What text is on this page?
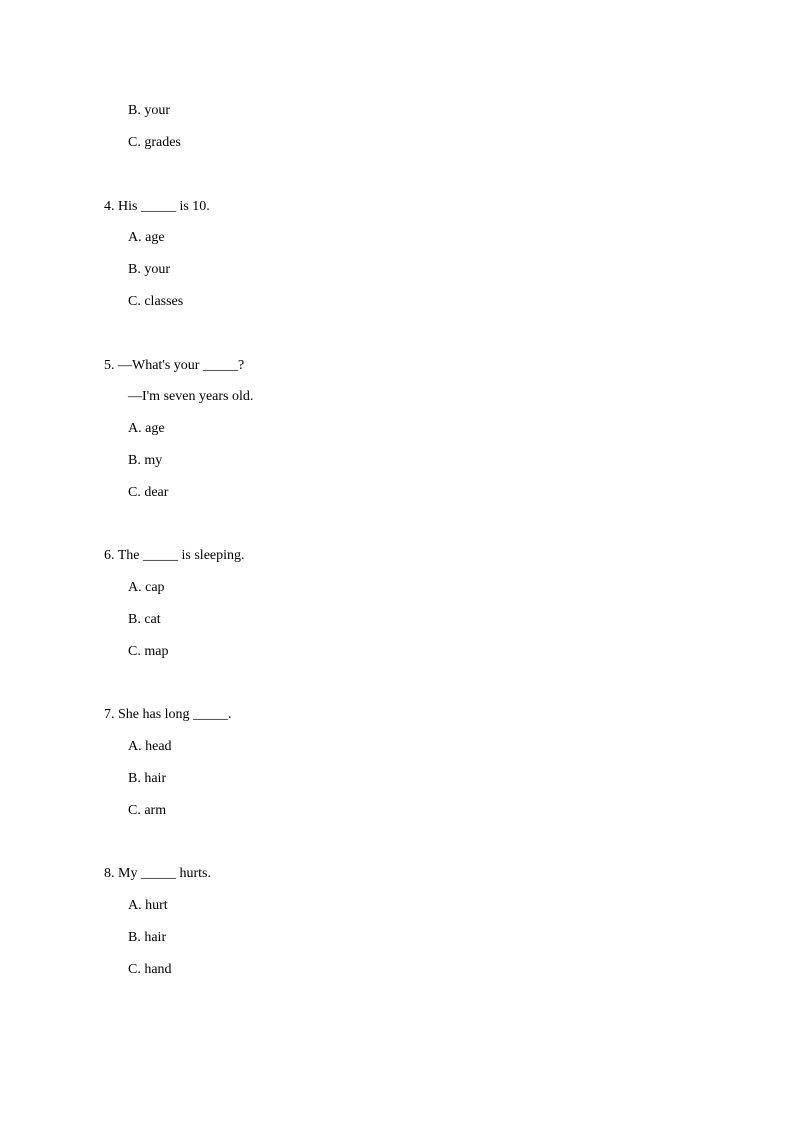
B. your
C. grades
4. His _____ is 10.
A. age
B. your
C. classes
5. —What's your _____?
—I'm seven years old.
A. age
B. my
C. dear
6. The _____ is sleeping.
A. cap
B. cat
C. map
7. She has long _____.
A. head
B. hair
C. arm
8. My _____ hurts.
A. hurt
B. hair
C. hand
